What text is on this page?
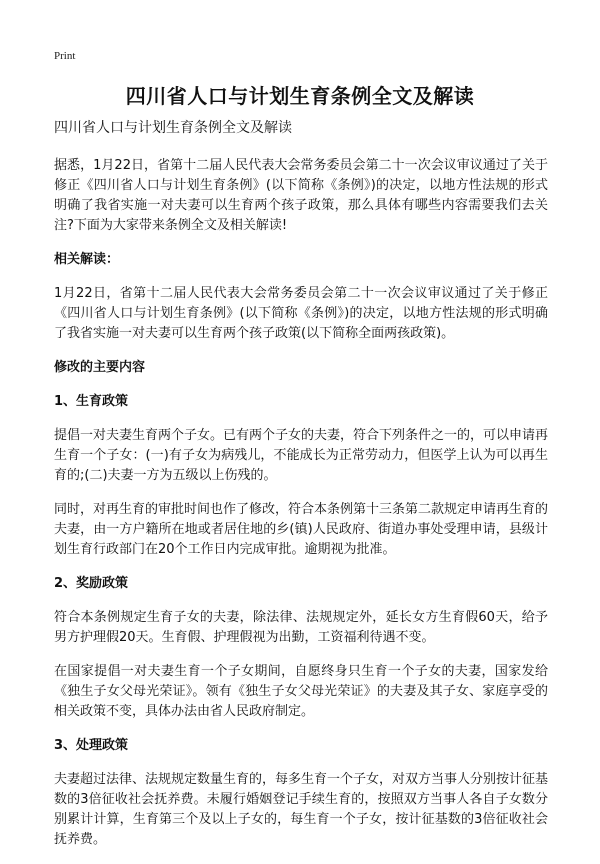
Print
四川省人口与计划生育条例全文及解读
四川省人口与计划生育条例全文及解读

据悉，1月22日，省第十二届人民代表大会常务委员会第二十一次会议审议通过了关于修正《四川省人口与计划生育条例》(以下简称《条例》)的决定，以地方性法规的形式明确了我省实施一对夫妻可以生育两个孩子政策，那么具体有哪些内容需要我们去关注?下面为大家带来条例全文及相关解读!

相关解读：

1月22日，省第十二届人民代表大会常务委员会第二十一次会议审议通过了关于修正《四川省人口与计划生育条例》(以下简称《条例》)的决定，以地方性法规的形式明确了我省实施一对夫妻可以生育两个孩子政策(以下简称全面两孩政策)。

修改的主要内容
1、生育政策

提倡一对夫妻生育两个子女。已有两个子女的夫妻，符合下列条件之一的，可以申请再生育一个子女：(一)有子女为病残儿，不能成长为正常劳动力，但医学上认为可以再生育的;(二)夫妻一方为五级以上伤残的。

同时，对再生育的审批时间也作了修改，符合本条例第十三条第二款规定申请再生育的夫妻，由一方户籍所在地或者居住地的乡(镇)人民政府、街道办事处受理申请，县级计划生育行政部门在20个工作日内完成审批。逾期视为批准。

2、奖励政策

符合本条例规定生育子女的夫妻，除法律、法规规定外，延长女方生育假60天，给予男方护理假20天。生育假、护理假视为出勤，工资福利待遇不变。

在国家提倡一对夫妻生育一个子女期间，自愿终身只生育一个子女的夫妻，国家发给《独生子女父母光荣证》。领有《独生子女父母光荣证》的夫妻及其子女、家庭享受的相关政策不变，具体办法由省人民政府制定。

3、处理政策

夫妻超过法律、法规规定数量生育的，每多生育一个子女，对双方当事人分别按计征基数的3倍征收社会抚养费。未履行婚姻登记手续生育的，按照双方当事人各自子女数分别累计计算，生育第三个及以上子女的，每生育一个子女，按计征基数的3倍征收社会抚养费。
